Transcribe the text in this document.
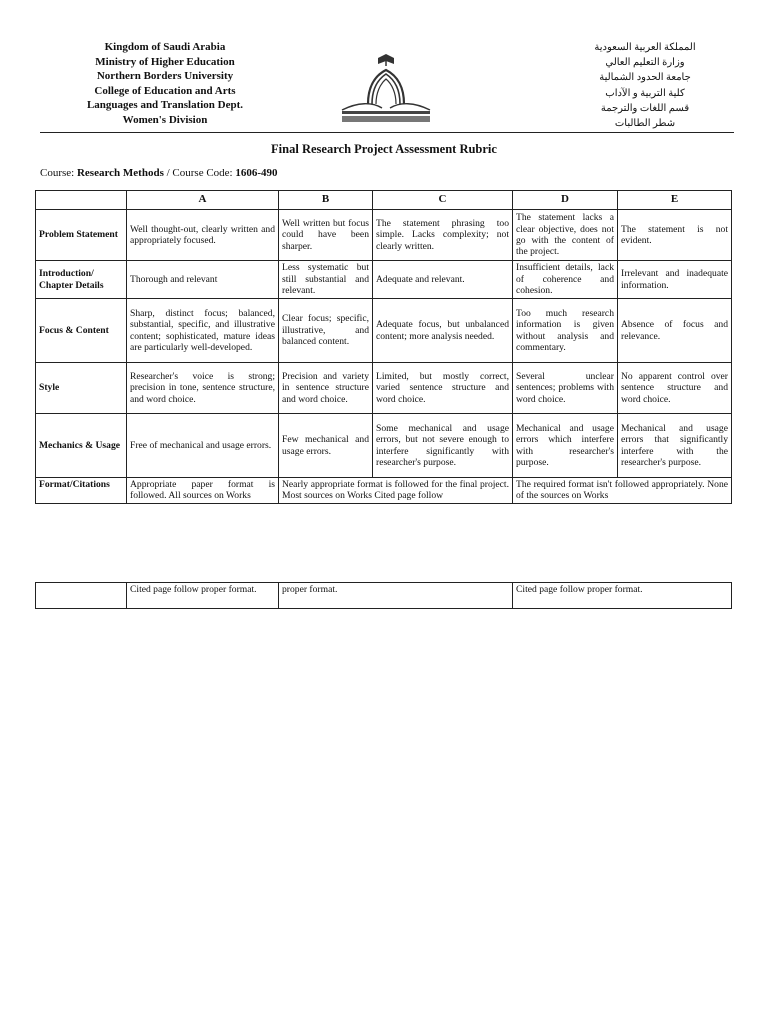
Kingdom of Saudi Arabia
Ministry of Higher Education
Northern Borders University
College of Education and Arts
Languages and Translation Dept.
Women's Division
المملكة العربية السعودية
وزارة التعليم العالي
جامعة الحدود الشمالية
كلية التربية و الآداب
قسم اللغات والترجمة
شطر الطالبات
Final Research Project Assessment Rubric
Course: Research Methods / Course Code: 1606-490
	A	B	C	D	E
Problem Statement	Well thought-out, clearly written and appropriately focused.	Well written but focus could have been sharper.	The statement phrasing too simple. Lacks complexity; not clearly written.	The statement lacks a clear objective, does not go with the content of the project.	The statement is not evident.
Introduction/ Chapter Details	Thorough and relevant	Less systematic but still substantial and relevant.	Adequate and relevant.	Insufficient details, lack of coherence and cohesion.	Irrelevant and inadequate information.
Focus & Content	Sharp, distinct focus; balanced, substantial, specific, and illustrative content; sophisticated, mature ideas are particularly well-developed.	Clear focus; specific, illustrative, and balanced content.	Adequate focus, but unbalanced content; more analysis needed.	Too much research information is given without analysis and commentary.	Absence of focus and relevance.
Style	Researcher's voice is strong; precision in tone, sentence structure, and word choice.	Precision and variety in sentence structure and word choice.	Limited, but mostly correct, varied sentence structure and word choice.	Several unclear sentences; problems with word choice.	No apparent control over sentence structure and word choice.
Mechanics & Usage	Free of mechanical and usage errors.	Few mechanical and usage errors.	Some mechanical and usage errors, but not severe enough to interfere significantly with researcher's purpose.	Mechanical and usage errors which interfere with researcher's purpose.	Mechanical and usage errors that significantly interfere with the researcher's purpose.
Format/Citations	Appropriate paper format is followed. All sources on Works	Nearly appropriate format is followed for the final project. Most sources on Works Cited page follow		The required format isn't followed appropriately. None of the sources on Works	
	Cited page follow proper format.	proper format.	Cited page follow proper format.
